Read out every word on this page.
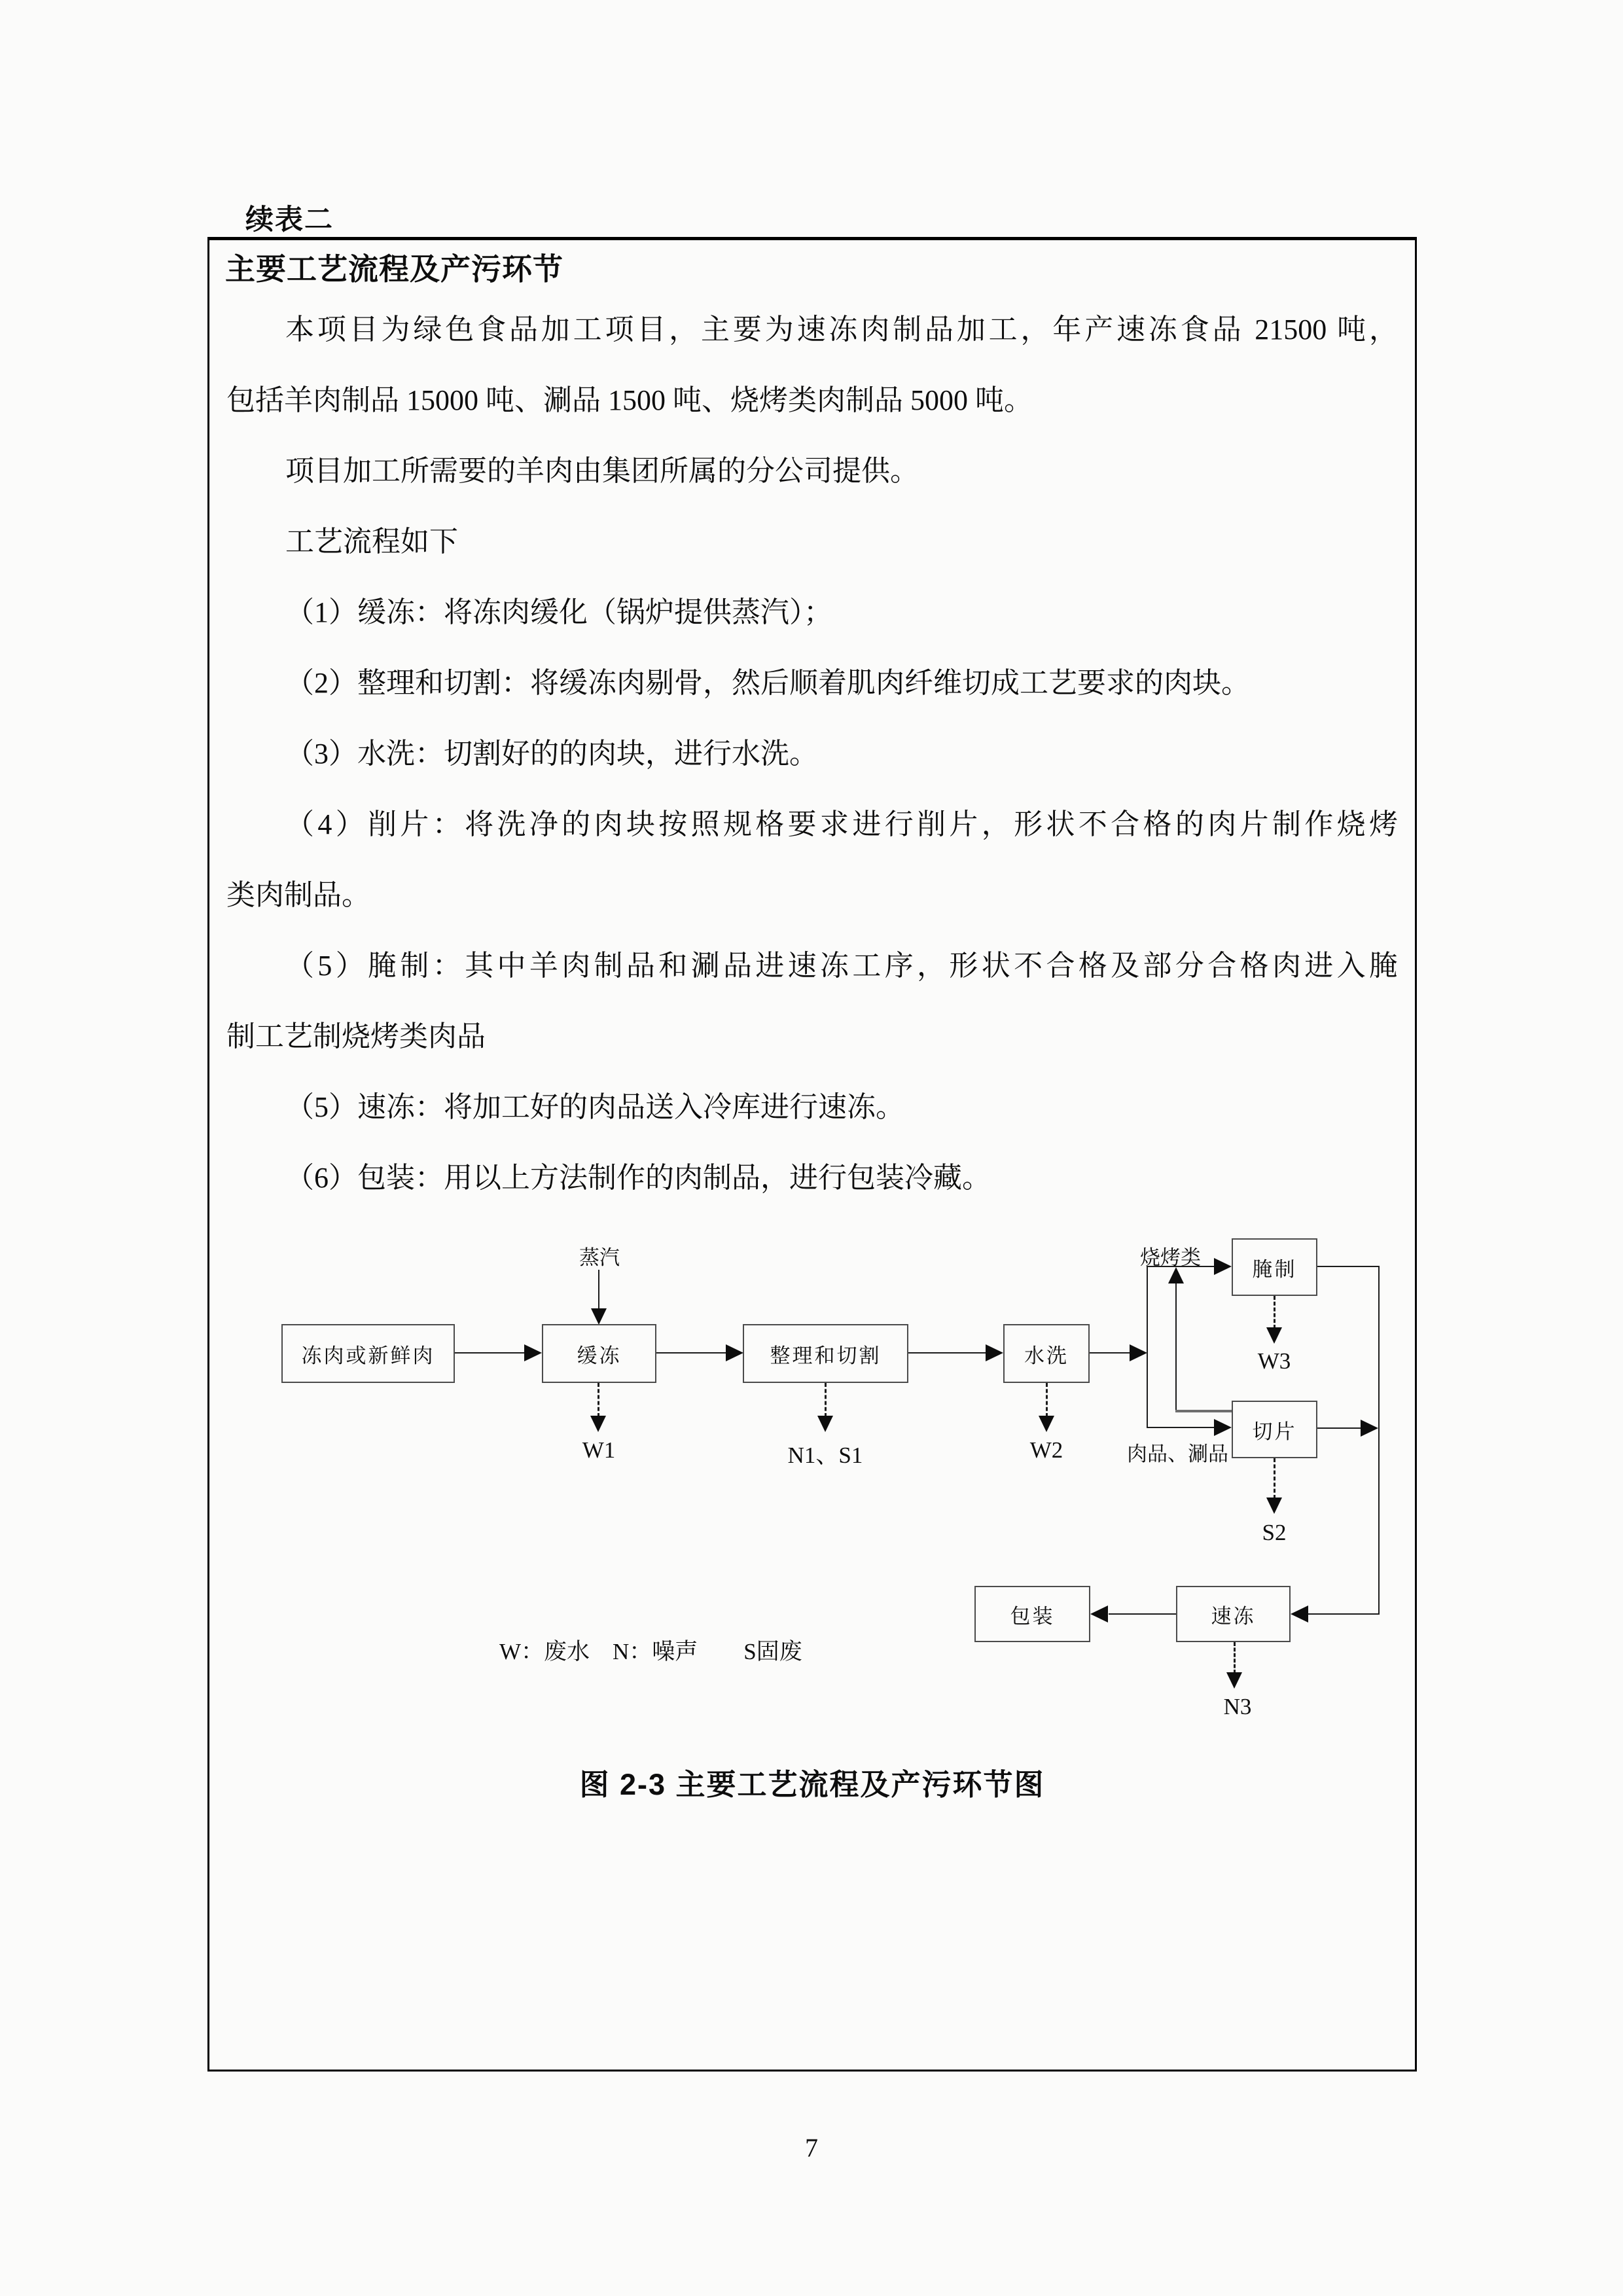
续表二
主要工艺流程及产污环节
本项目为绿色食品加工项目，主要为速冻肉制品加工，年产速冻食品 21500 吨，
包括羊肉制品 15000 吨、涮品 1500 吨、烧烤类肉制品 5000 吨。
项目加工所需要的羊肉由集团所属的分公司提供。
工艺流程如下
（1）缓冻：将冻肉缓化（锅炉提供蒸汽）；
（2）整理和切割：将缓冻肉剔骨，然后顺着肌肉纤维切成工艺要求的肉块。
（3）水洗：切割好的的肉块，进行水洗。
（4）削片：将洗净的肉块按照规格要求进行削片，形状不合格的肉片制作烧烤
类肉制品。
（5）腌制：其中羊肉制品和涮品进速冻工序，形状不合格及部分合格肉进入腌
制工艺制烧烤类肉品
（5）速冻：将加工好的肉品送入冷库进行速冻。
（6）包装：用以上方法制作的肉制品，进行包装冷藏。
蒸汽
冻肉或新鲜肉	缓冻	整理和切割	水洗
W1	N1、S1	W2
烧烤类
肉品、涮品
腌制
切片
W3
S2
速冻
包装
N3
W：废水　N：噪声　　S固废
图 2-3 主要工艺流程及产污环节图
7
